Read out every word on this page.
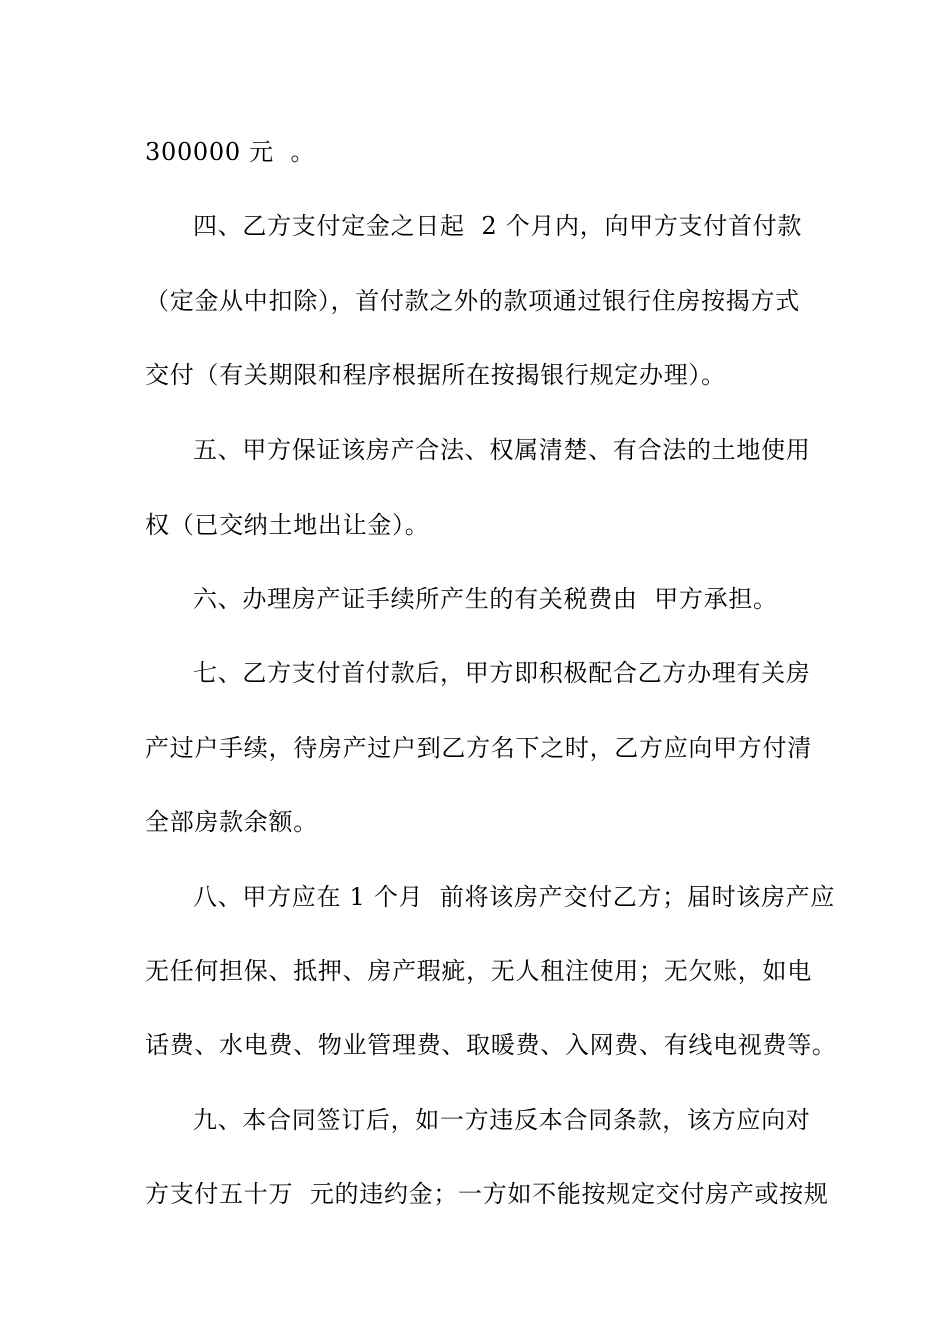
300000 元  。
四、乙方支付定金之日起  2 个月内，向甲方支付首付款
（定金从中扣除），首付款之外的款项通过银行住房按揭方式
交付（有关期限和程序根据所在按揭银行规定办理）。
五、甲方保证该房产合法、权属清楚、有合法的土地使用
权（已交纳土地出让金）。
六、办理房产证手续所产生的有关税费由  甲方承担。
七、乙方支付首付款后，甲方即积极配合乙方办理有关房
产过户手续，待房产过户到乙方名下之时，乙方应向甲方付清
全部房款余额。
八、甲方应在 1 个月  前将该房产交付乙方；届时该房产应
无任何担保、抵押、房产瑕疵，无人租注使用；无欠账，如电
话费、水电费、物业管理费、取暖费、入网费、有线电视费等。
九、本合同签订后，如一方违反本合同条款，该方应向对
方支付五十万  元的违约金；一方如不能按规定交付房产或按规
